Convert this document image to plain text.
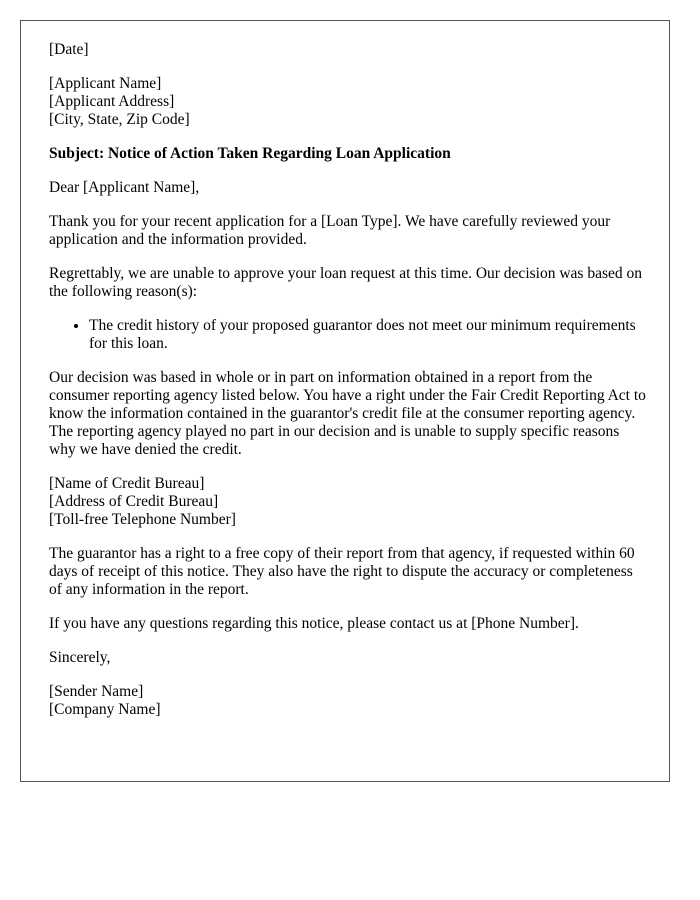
[Date]

[Applicant Name]
[Applicant Address]
[City, State, Zip Code]

Subject: Notice of Action Taken Regarding Loan Application

Dear [Applicant Name],

Thank you for your recent application for a [Loan Type]. We have carefully reviewed your application and the information provided.

Regrettably, we are unable to approve your loan request at this time. Our decision was based on the following reason(s):

• The credit history of your proposed guarantor does not meet our minimum requirements for this loan.

Our decision was based in whole or in part on information obtained in a report from the consumer reporting agency listed below. You have a right under the Fair Credit Reporting Act to know the information contained in the guarantor's credit file at the consumer reporting agency. The reporting agency played no part in our decision and is unable to supply specific reasons why we have denied the credit.

[Name of Credit Bureau]
[Address of Credit Bureau]
[Toll-free Telephone Number]

The guarantor has a right to a free copy of their report from that agency, if requested within 60 days of receipt of this notice. They also have the right to dispute the accuracy or completeness of any information in the report.

If you have any questions regarding this notice, please contact us at [Phone Number].

Sincerely,

[Sender Name]
[Company Name]
